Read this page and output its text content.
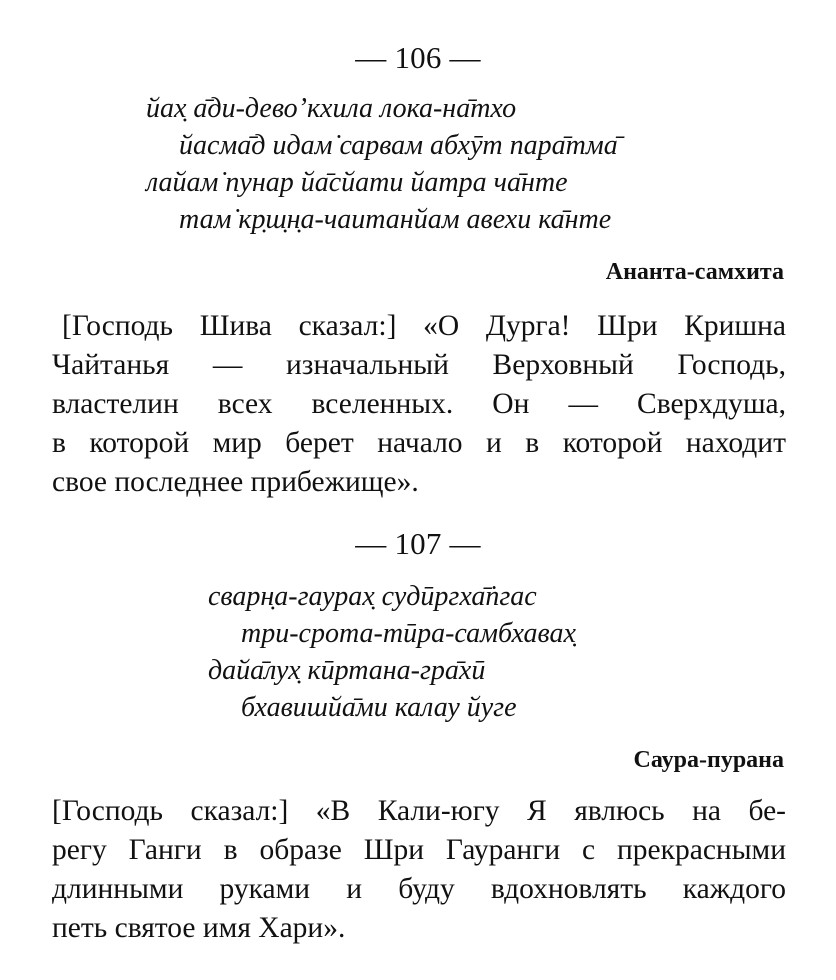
— 106 —
йах̣ а̄ди-дево’кхила лока-на̄тхо
йасма̄д идам̇ сарвам абхӯт пара̄тма̄
лайам̇ пунар йа̄сйати йатра ча̄нте
там̇ кр̣ш̣н̣а-чаитанйам авехи ка̄нте
Ананта-самхита
[Господь Шива сказал:] «О Дурга! Шри Кришна
Чайтанья — изначальный Верховный Господь,
властелин всех вселенных. Он — Сверхдуша,
в которой мир берет начало и в которой находит
свое последнее прибежище».
— 107 —
сварн̣а-гаурах̣ судӣргха̄ṅгас
три-срота-тӣра-самбхавах̣
дайа̄лух̣ кӣртана-гра̄хӣ
бхавишйа̄ми калау йуге
Саура-пурана
[Господь сказал:] «В Кали-югу Я явлюсь на бе-
регу Ганги в образе Шри Гауранги с прекрасными
длинными руками и буду вдохновлять каждого
петь святое имя Хари».
